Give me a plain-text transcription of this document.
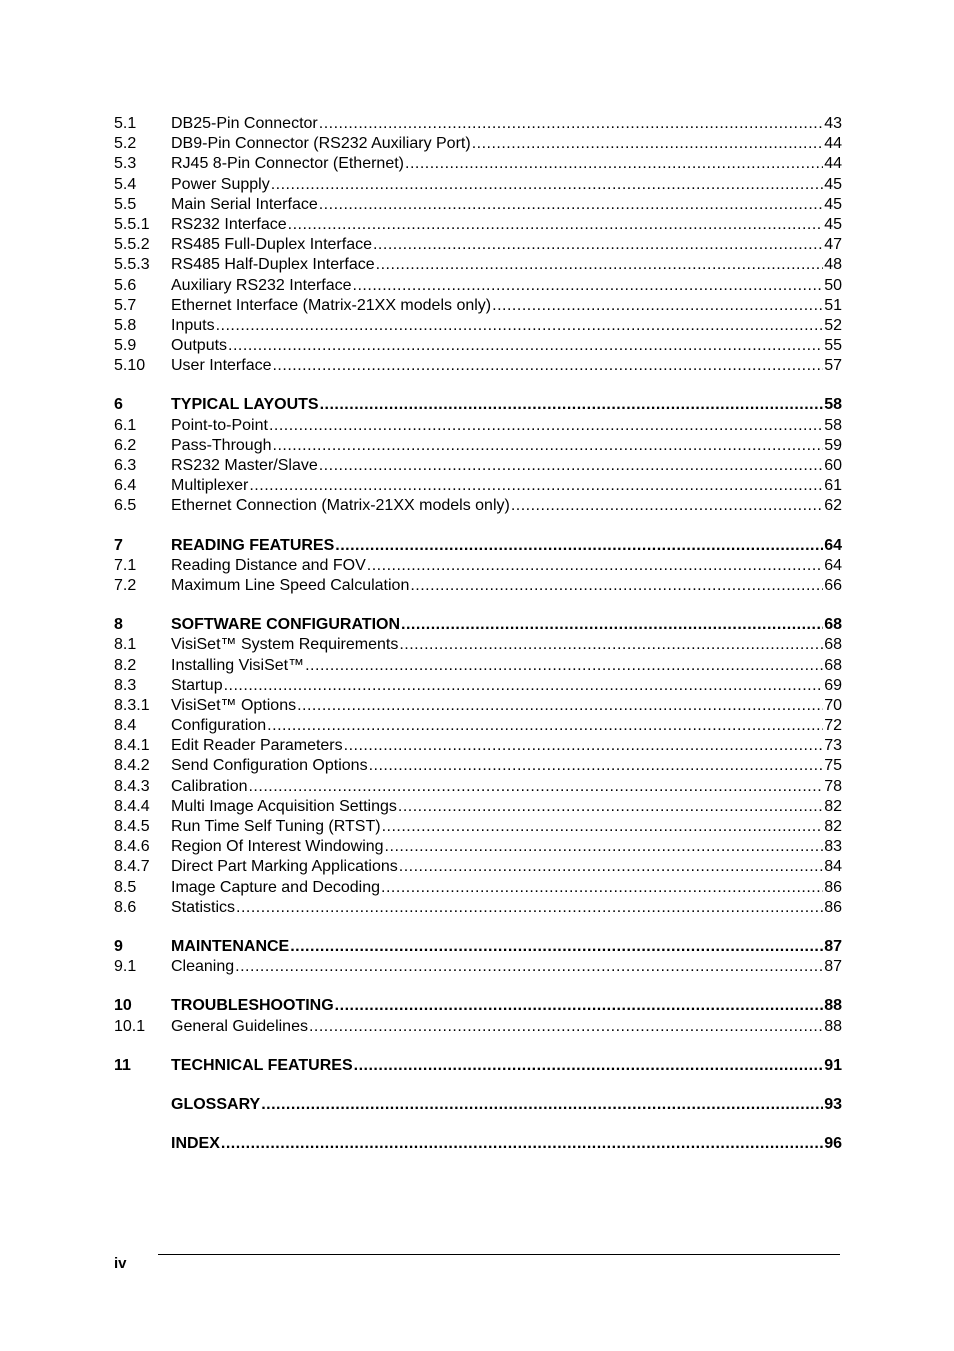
5.1	DB25-Pin Connector .....	43
5.2	DB9-Pin Connector (RS232 Auxiliary Port) .....	44
5.3	RJ45 8-Pin Connector (Ethernet) .....	44
5.4	Power Supply .....	45
5.5	Main Serial Interface .....	45
5.5.1	RS232 Interface .....	45
5.5.2	RS485 Full-Duplex Interface .....	47
5.5.3	RS485 Half-Duplex Interface .....	48
5.6	Auxiliary RS232 Interface .....	50
5.7	Ethernet Interface (Matrix-21XX models only) .....	51
5.8	Inputs .....	52
5.9	Outputs .....	55
5.10	User Interface .....	57
6	TYPICAL LAYOUTS .....	58
6.1	Point-to-Point .....	58
6.2	Pass-Through .....	59
6.3	RS232 Master/Slave .....	60
6.4	Multiplexer .....	61
6.5	Ethernet Connection (Matrix-21XX models only) .....	62
7	READING FEATURES .....	64
7.1	Reading Distance and FOV .....	64
7.2	Maximum Line Speed Calculation .....	66
8	SOFTWARE CONFIGURATION .....	68
8.1	VisiSet™ System Requirements .....	68
8.2	Installing VisiSet™ .....	68
8.3	Startup .....	69
8.3.1	VisiSet™ Options .....	70
8.4	Configuration .....	72
8.4.1	Edit Reader Parameters .....	73
8.4.2	Send Configuration Options .....	75
8.4.3	Calibration .....	78
8.4.4	Multi Image Acquisition Settings .....	82
8.4.5	Run Time Self Tuning (RTST) .....	82
8.4.6	Region Of Interest Windowing .....	83
8.4.7	Direct Part Marking Applications .....	84
8.5	Image Capture and Decoding .....	86
8.6	Statistics .....	86
9	MAINTENANCE .....	87
9.1	Cleaning .....	87
10	TROUBLESHOOTING .....	88
10.1	General Guidelines .....	88
11	TECHNICAL FEATURES .....	91
GLOSSARY .....	93
INDEX .....	96
iv
